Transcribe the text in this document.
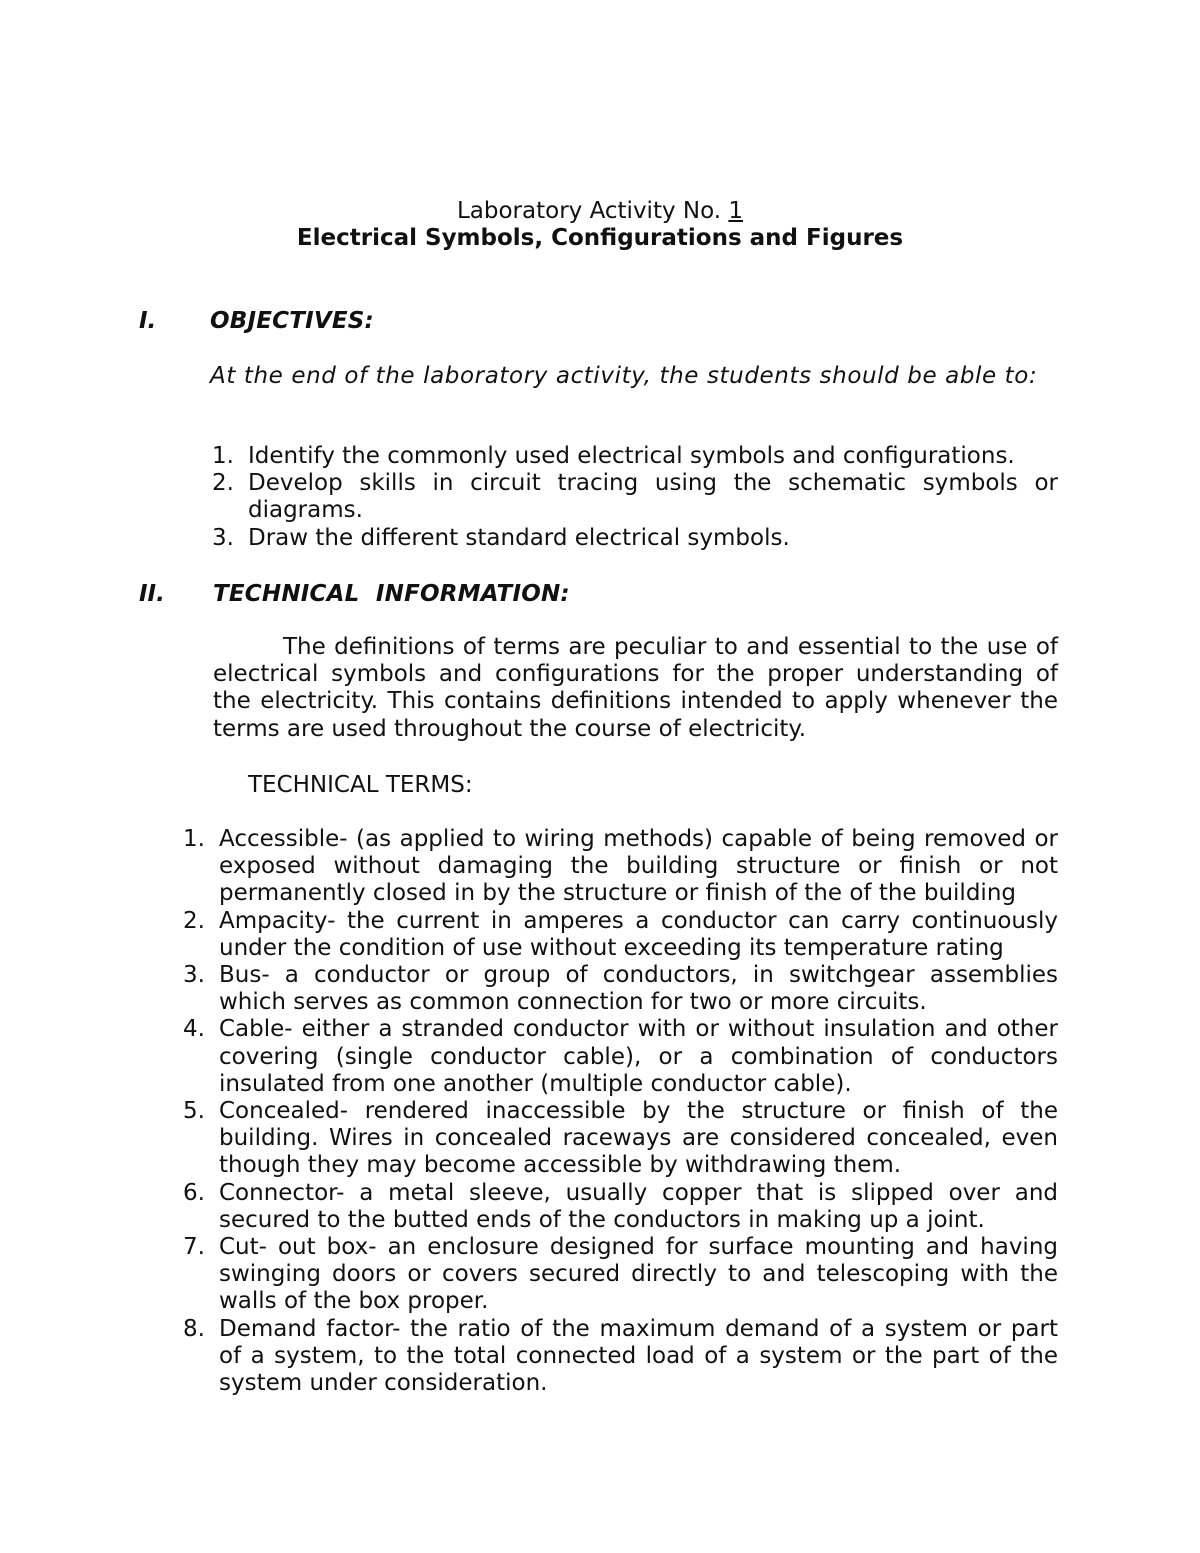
Laboratory Activity No. 1

Electrical Symbols, Configurations and Figures

I. OBJECTIVES:

At the end of the laboratory activity, the students should be able to:

1. Identify the commonly used electrical symbols and configurations.
2. Develop skills in circuit tracing using the schematic symbols or diagrams.
3. Draw the different standard electrical symbols.

II. TECHNICAL  INFORMATION:

The definitions of terms are peculiar to and essential to the use of electrical symbols and configurations for the proper understanding of the electricity. This contains definitions intended to apply whenever the terms are used throughout the course of electricity.

TECHNICAL TERMS:

1. Accessible- (as applied to wiring methods) capable of being removed or exposed without damaging the building structure or finish or not permanently closed in by the structure or finish of the of the building
2. Ampacity- the current in amperes a conductor can carry continuously under the condition of use without exceeding its temperature rating
3. Bus- a conductor or group of conductors, in switchgear assemblies which serves as common connection for two or more circuits.
4. Cable- either a stranded conductor with or without insulation and other covering (single conductor cable), or a combination of conductors insulated from one another (multiple conductor cable).
5. Concealed- rendered inaccessible by the structure or finish of the building. Wires in concealed raceways are considered concealed, even though they may become accessible by withdrawing them.
6. Connector- a metal sleeve, usually copper that is slipped over and secured to the butted ends of the conductors in making up a joint.
7. Cut- out box- an enclosure designed for surface mounting and having swinging doors or covers secured directly to and telescoping with the walls of the box proper.
8. Demand factor- the ratio of the maximum demand of a system or part of a system, to the total connected load of a system or the part of the system under consideration.
